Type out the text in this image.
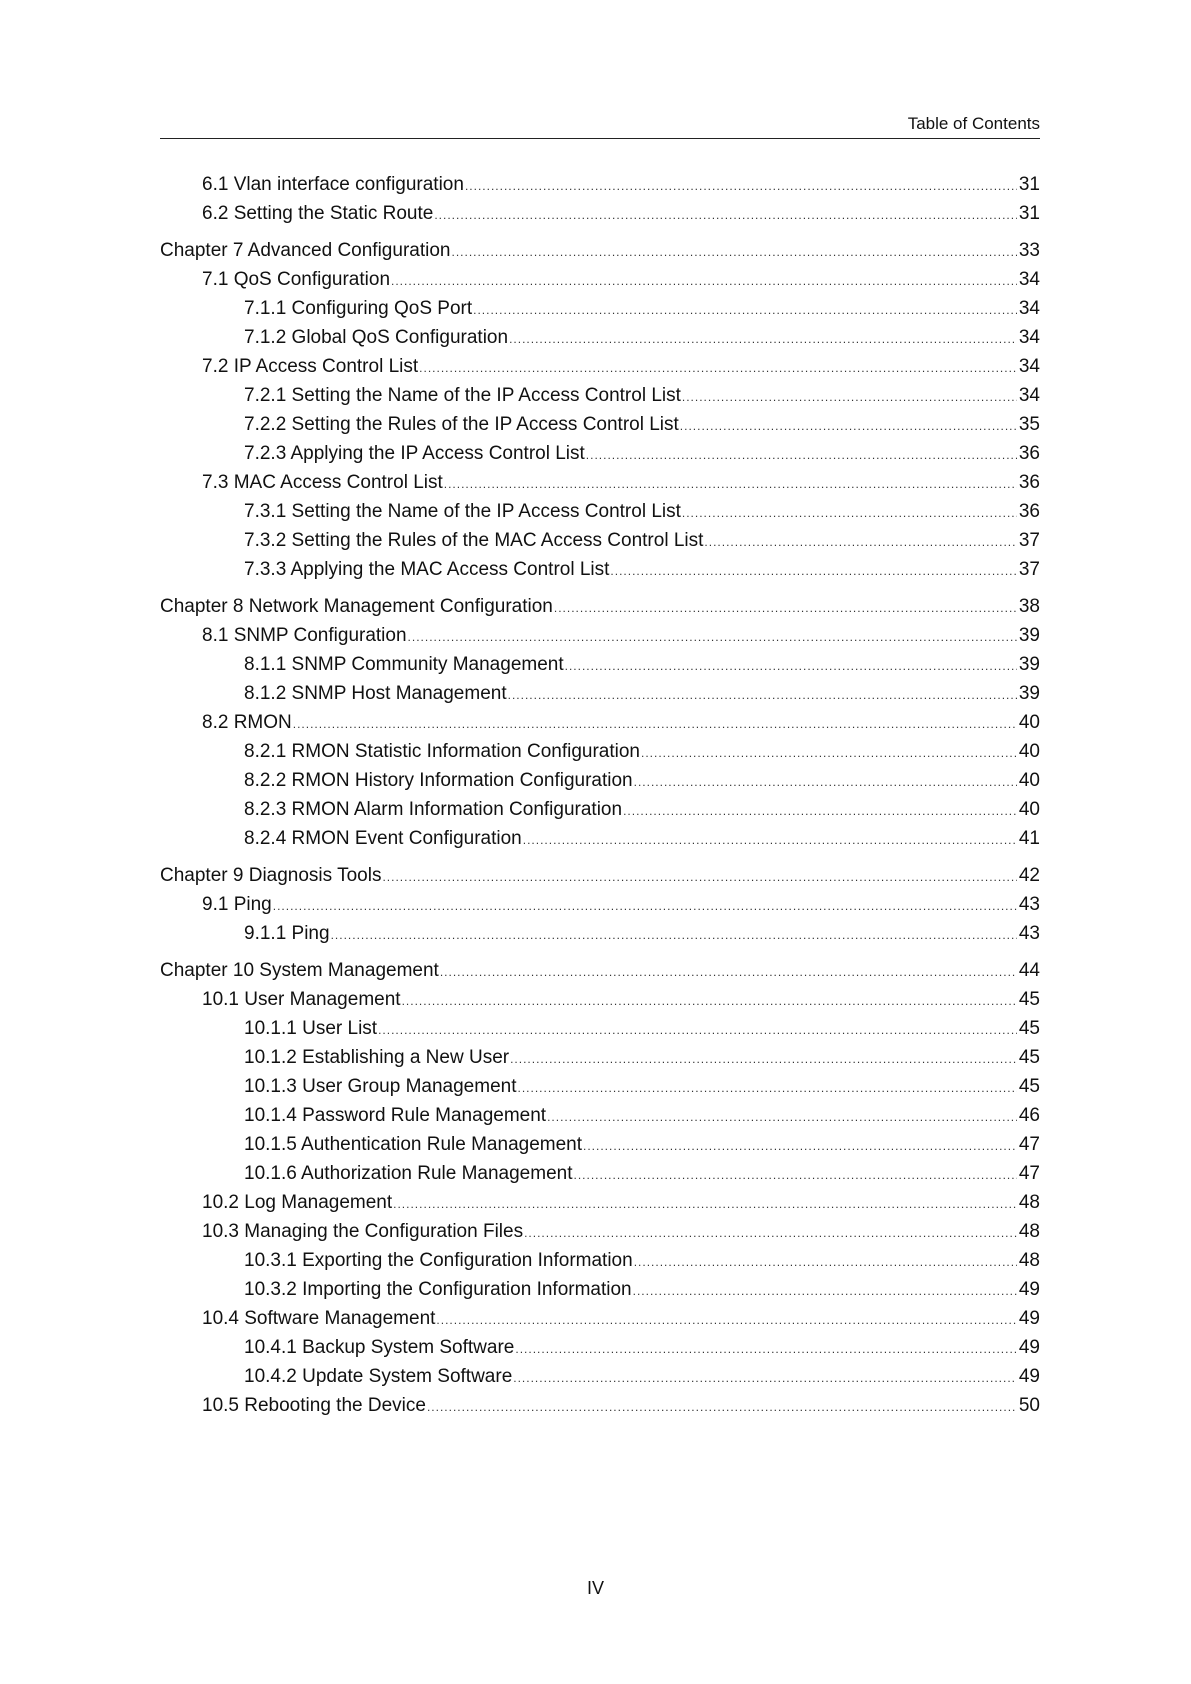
Table of Contents
6.1 Vlan interface configuration .....	31
6.2 Setting the Static Route .....	31
Chapter 7 Advanced Configuration .....	33
7.1 QoS Configuration .....	34
7.1.1 Configuring QoS Port .....	34
7.1.2 Global QoS Configuration .....	34
7.2 IP Access Control List .....	34
7.2.1 Setting the Name of the IP Access Control List .....	34
7.2.2 Setting the Rules of the IP Access Control List .....	35
7.2.3 Applying the IP Access Control List .....	36
7.3 MAC Access Control List .....	36
7.3.1 Setting the Name of the IP Access Control List .....	36
7.3.2 Setting the Rules of the MAC Access Control List .....	37
7.3.3 Applying the MAC Access Control List .....	37
Chapter 8 Network Management Configuration .....	38
8.1 SNMP Configuration .....	39
8.1.1 SNMP Community Management .....	39
8.1.2 SNMP Host Management .....	39
8.2 RMON .....	40
8.2.1 RMON Statistic Information Configuration .....	40
8.2.2 RMON History Information Configuration .....	40
8.2.3 RMON Alarm Information Configuration .....	40
8.2.4 RMON Event Configuration .....	41
Chapter 9 Diagnosis Tools .....	42
9.1 Ping .....	43
9.1.1 Ping .....	43
Chapter 10 System Management .....	44
10.1 User Management .....	45
10.1.1 User List .....	45
10.1.2 Establishing a New User .....	45
10.1.3 User Group Management .....	45
10.1.4 Password Rule Management .....	46
10.1.5 Authentication Rule Management .....	47
10.1.6 Authorization Rule Management .....	47
10.2 Log Management .....	48
10.3 Managing the Configuration Files .....	48
10.3.1 Exporting the Configuration Information .....	48
10.3.2 Importing the Configuration Information .....	49
10.4 Software Management .....	49
10.4.1 Backup System Software .....	49
10.4.2 Update System Software .....	49
10.5 Rebooting the Device .....	50
IV
